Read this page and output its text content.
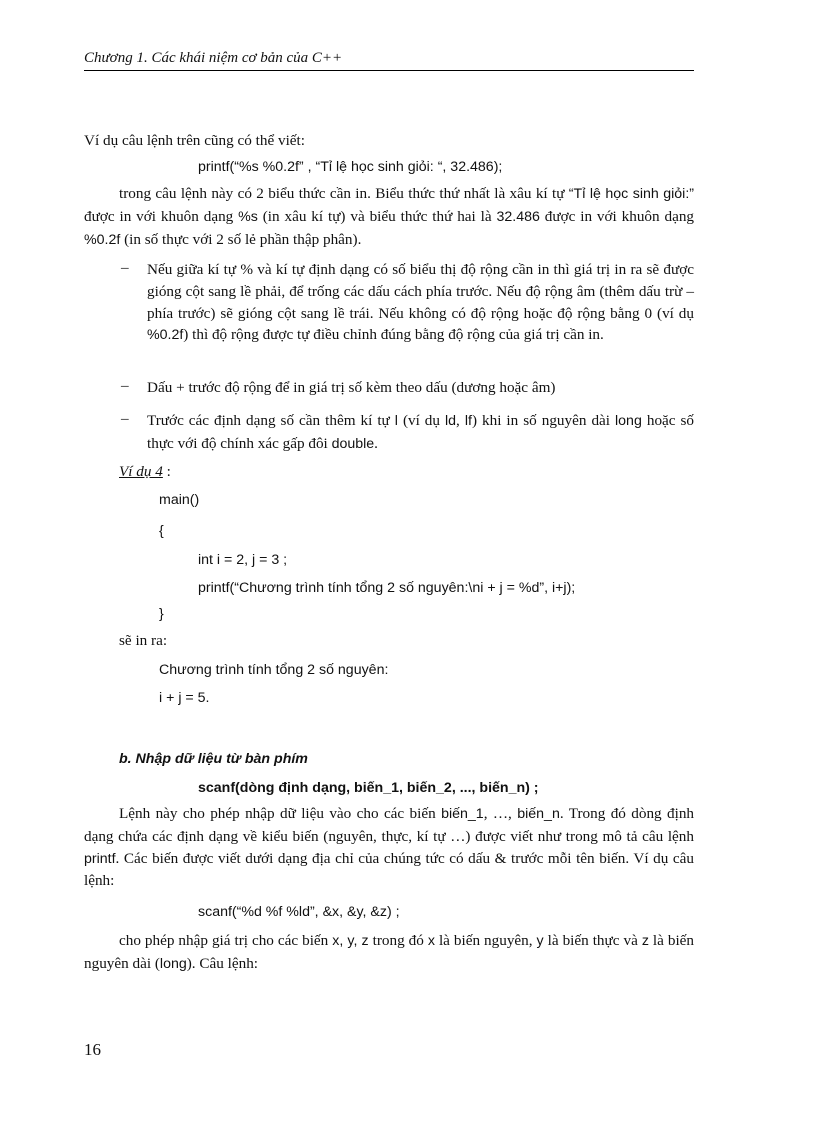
Chương 1. Các khái niệm cơ bản của C++
Ví dụ câu lệnh trên cũng có thể viết:
printf(“%s %0.2f” , “Tỉ lệ học sinh giỏi: “, 32.486);
trong câu lệnh này có 2 biểu thức cần in. Biểu thức thứ nhất là xâu kí tự “Tỉ lệ học sinh giỏi:” được in với khuôn dạng %s (in xâu kí tự) và biểu thức thứ hai là 32.486 được in với khuôn dạng %0.2f (in số thực với 2 số lẻ phần thập phân).
– Nếu giữa kí tự % và kí tự định dạng có số biểu thị độ rộng cần in thì giá trị in ra sẽ được gióng cột sang lề phải, để trống các dấu cách phía trước. Nếu độ rộng âm (thêm dấu trừ – phía trước) sẽ gióng cột sang lề trái. Nếu không có độ rộng hoặc độ rộng bằng 0 (ví dụ %0.2f) thì độ rộng được tự điều chỉnh đúng bằng độ rộng của giá trị cần in.
– Dấu + trước độ rộng để in giá trị số kèm theo dấu (dương hoặc âm)
– Trước các định dạng số cần thêm kí tự l (ví dụ ld, lf) khi in số nguyên dài long hoặc số thực với độ chính xác gấp đôi double.
Ví dụ 4 :
main()
{
int i = 2, j = 3 ;
printf(“Chương trình tính tổng 2 số nguyên:\ni + j = %d”, i+j);
}
sẽ in ra:
Chương trình tính tổng 2 số nguyên:
i + j = 5.
b. Nhập dữ liệu từ bàn phím
scanf(dòng định dạng, biến_1, biến_2, ..., biến_n) ;
Lệnh này cho phép nhập dữ liệu vào cho các biến biến_1, …, biến_n. Trong đó dòng định dạng chứa các định dạng về kiểu biến (nguyên, thực, kí tự …) được viết như trong mô tả câu lệnh printf. Các biến được viết dưới dạng địa chỉ của chúng tức có dấu & trước mỗi tên biến. Ví dụ câu lệnh:
scanf(“%d %f %ld”, &x, &y, &z) ;
cho phép nhập giá trị cho các biến x, y, z trong đó x là biến nguyên, y là biến thực và z là biến nguyên dài (long). Câu lệnh:
16
